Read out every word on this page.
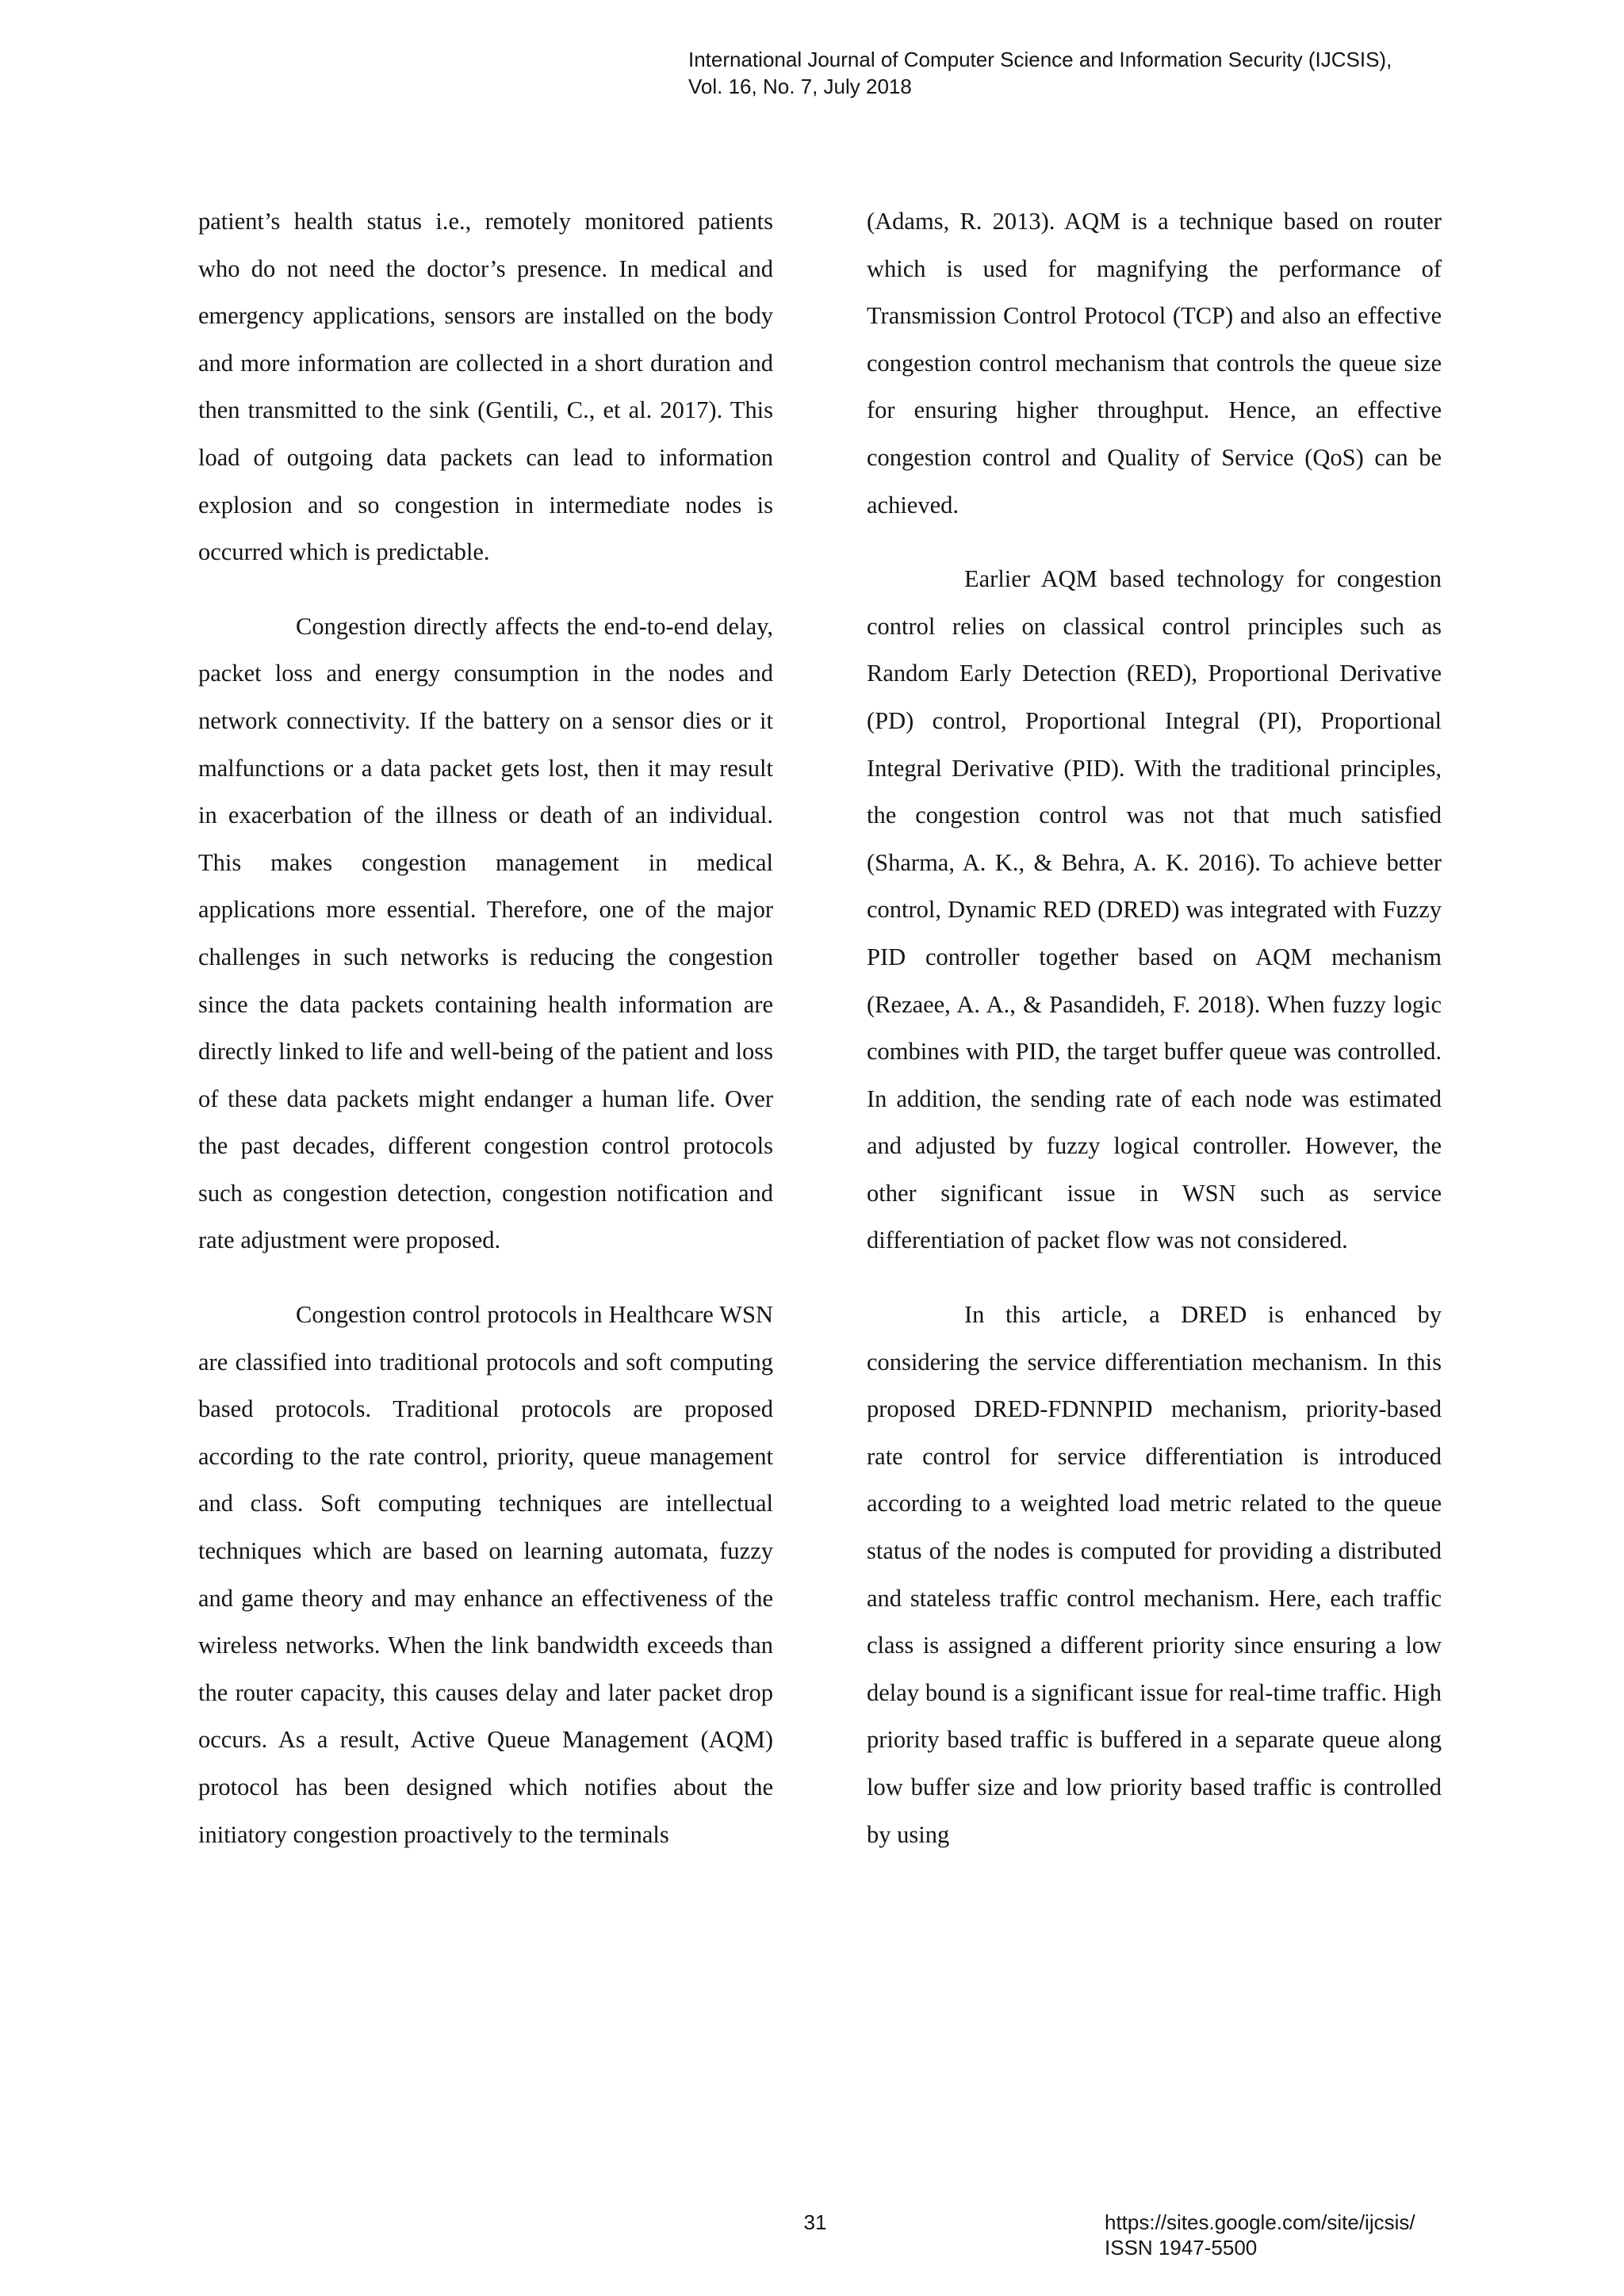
International Journal of Computer Science and Information Security (IJCSIS),
Vol. 16, No. 7, July 2018

patient’s health status i.e., remotely monitored patients who do not need the doctor’s presence. In medical and emergency applications, sensors are installed on the body and more information are collected in a short duration and then transmitted to the sink (Gentili, C., et al. 2017). This load of outgoing data packets can lead to information explosion and so congestion in intermediate nodes is occurred which is predictable.

Congestion directly affects the end-to-end delay, packet loss and energy consumption in the nodes and network connectivity. If the battery on a sensor dies or it malfunctions or a data packet gets lost, then it may result in exacerbation of the illness or death of an individual. This makes congestion management in medical applications more essential. Therefore, one of the major challenges in such networks is reducing the congestion since the data packets containing health information are directly linked to life and well-being of the patient and loss of these data packets might endanger a human life. Over the past decades, different congestion control protocols such as congestion detection, congestion notification and rate adjustment were proposed.

Congestion control protocols in Healthcare WSN are classified into traditional protocols and soft computing based protocols. Traditional protocols are proposed according to the rate control, priority, queue management and class. Soft computing techniques are intellectual techniques which are based on learning automata, fuzzy and game theory and may enhance an effectiveness of the wireless networks. When the link bandwidth exceeds than the router capacity, this causes delay and later packet drop occurs. As a result, Active Queue Management (AQM) protocol has been designed which notifies about the initiatory congestion proactively to the terminals

(Adams, R. 2013). AQM is a technique based on router which is used for magnifying the performance of Transmission Control Protocol (TCP) and also an effective congestion control mechanism that controls the queue size for ensuring higher throughput. Hence, an effective congestion control and Quality of Service (QoS) can be achieved.

Earlier AQM based technology for congestion control relies on classical control principles such as Random Early Detection (RED), Proportional Derivative (PD) control, Proportional Integral (PI), Proportional Integral Derivative (PID). With the traditional principles, the congestion control was not that much satisfied (Sharma, A. K., & Behra, A. K. 2016). To achieve better control, Dynamic RED (DRED) was integrated with Fuzzy PID controller together based on AQM mechanism (Rezaee, A. A., & Pasandideh, F. 2018). When fuzzy logic combines with PID, the target buffer queue was controlled. In addition, the sending rate of each node was estimated and adjusted by fuzzy logical controller. However, the other significant issue in WSN such as service differentiation of packet flow was not considered.

In this article, a DRED is enhanced by considering the service differentiation mechanism. In this proposed DRED-FDNNPID mechanism, priority-based rate control for service differentiation is introduced according to a weighted load metric related to the queue status of the nodes is computed for providing a distributed and stateless traffic control mechanism. Here, each traffic class is assigned a different priority since ensuring a low delay bound is a significant issue for real-time traffic. High priority based traffic is buffered in a separate queue along low buffer size and low priority based traffic is controlled by using

31	https://sites.google.com/site/ijcsis/
ISSN 1947-5500
